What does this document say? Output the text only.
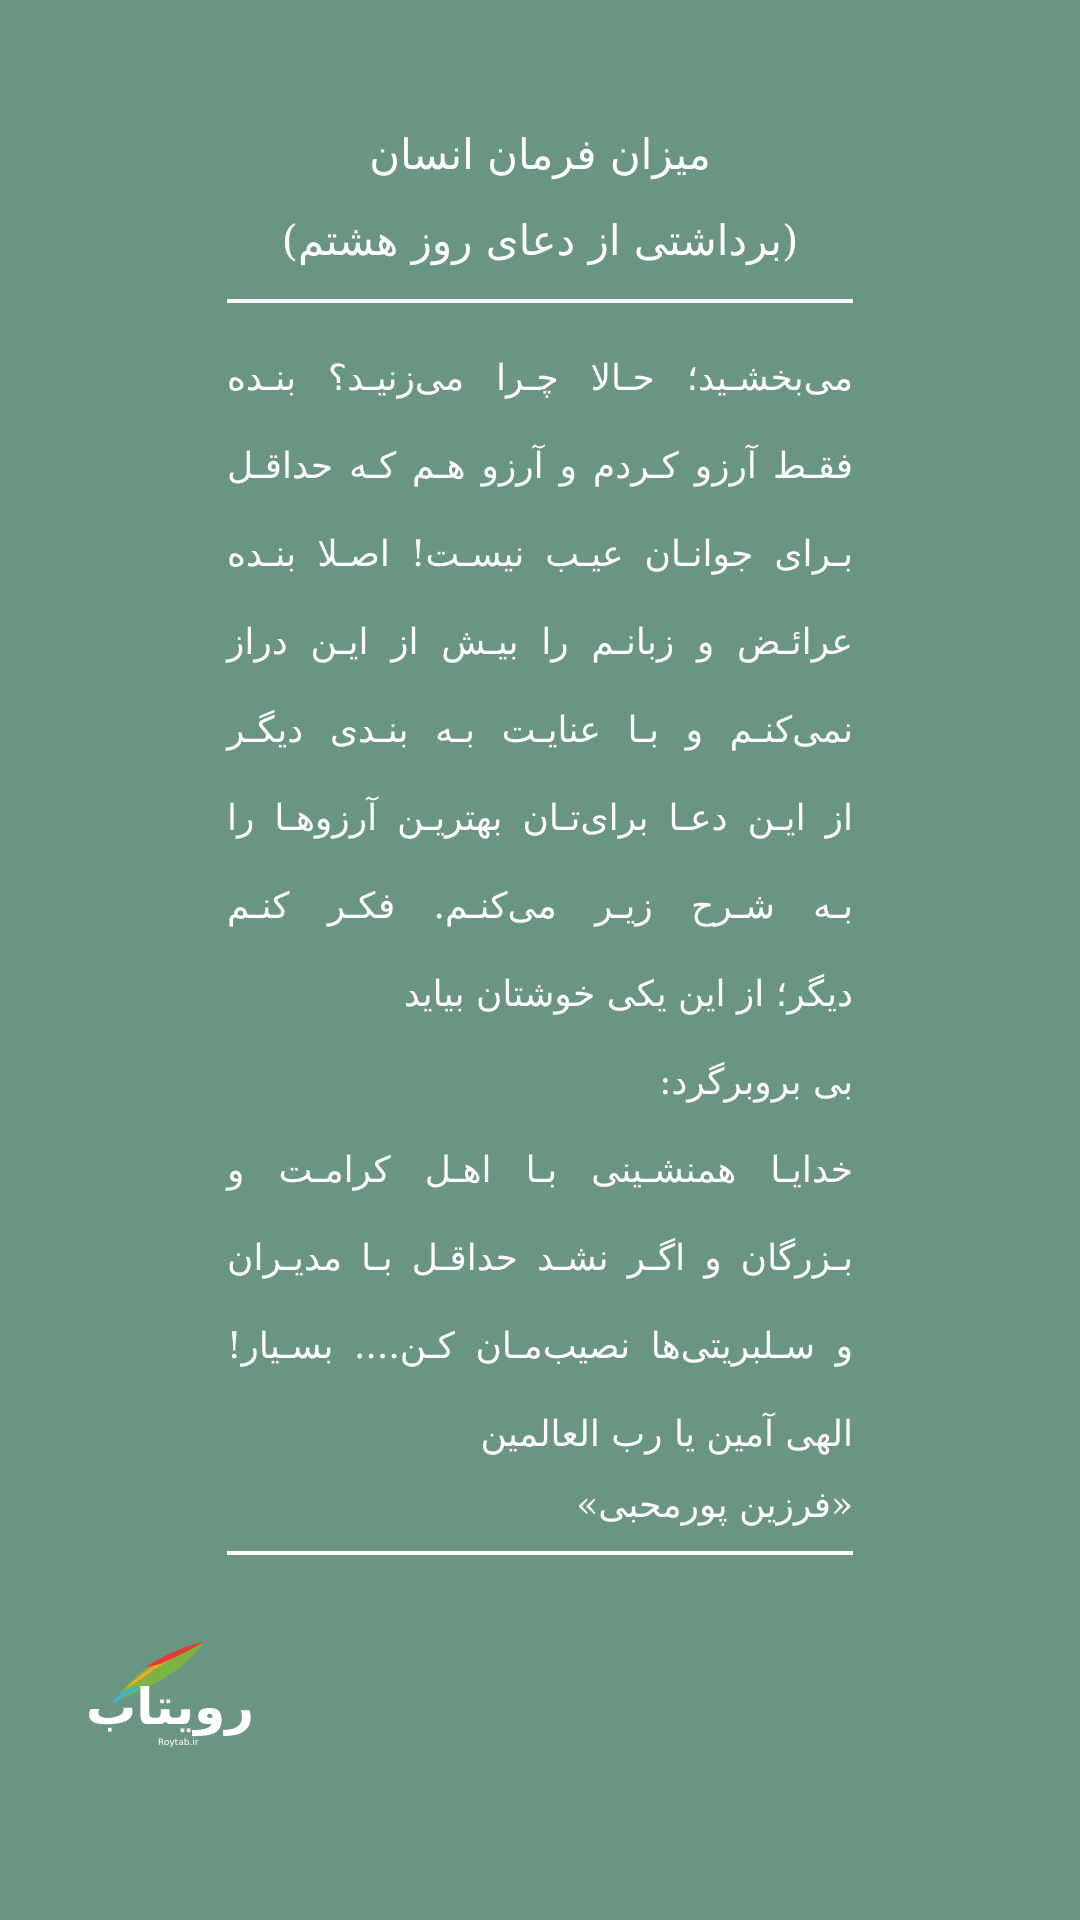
میزان فرمان انسان
(برداشتی از دعای روز هشتم)
می‌بخشـید؛ حـالا چـرا می‌زنیـد؟ بنـده
فقـط آرزو کـردم و آرزو هـم کـه حداقـل
بـرای جوانـان عیـب نیسـت! اصـلا بنـده
عرائـض و زبانـم را بیـش از ایـن دراز
نمی‌کنـم و بـا عنایـت بـه بنـدی دیگـر
از ایـن دعـا برای‌تـان بهتریـن آرزوهـا را
بـه شـرح زیـر می‌کنـم. فکـر کنـم
دیگر؛ از این یکی خوشتان بیاید
بی بروبرگرد:
خدایـا همنشـینی بـا اهـل کرامـت و
بـزرگان و اگـر نشـد حداقـل بـا مدیـران
و سـلبریتی‌ها نصیب‌مـان کـن.... بسـیار!
الهی آمین یا رب العالمین
«فرزین پورمحبی»
رویتاب
Roytab.ir
